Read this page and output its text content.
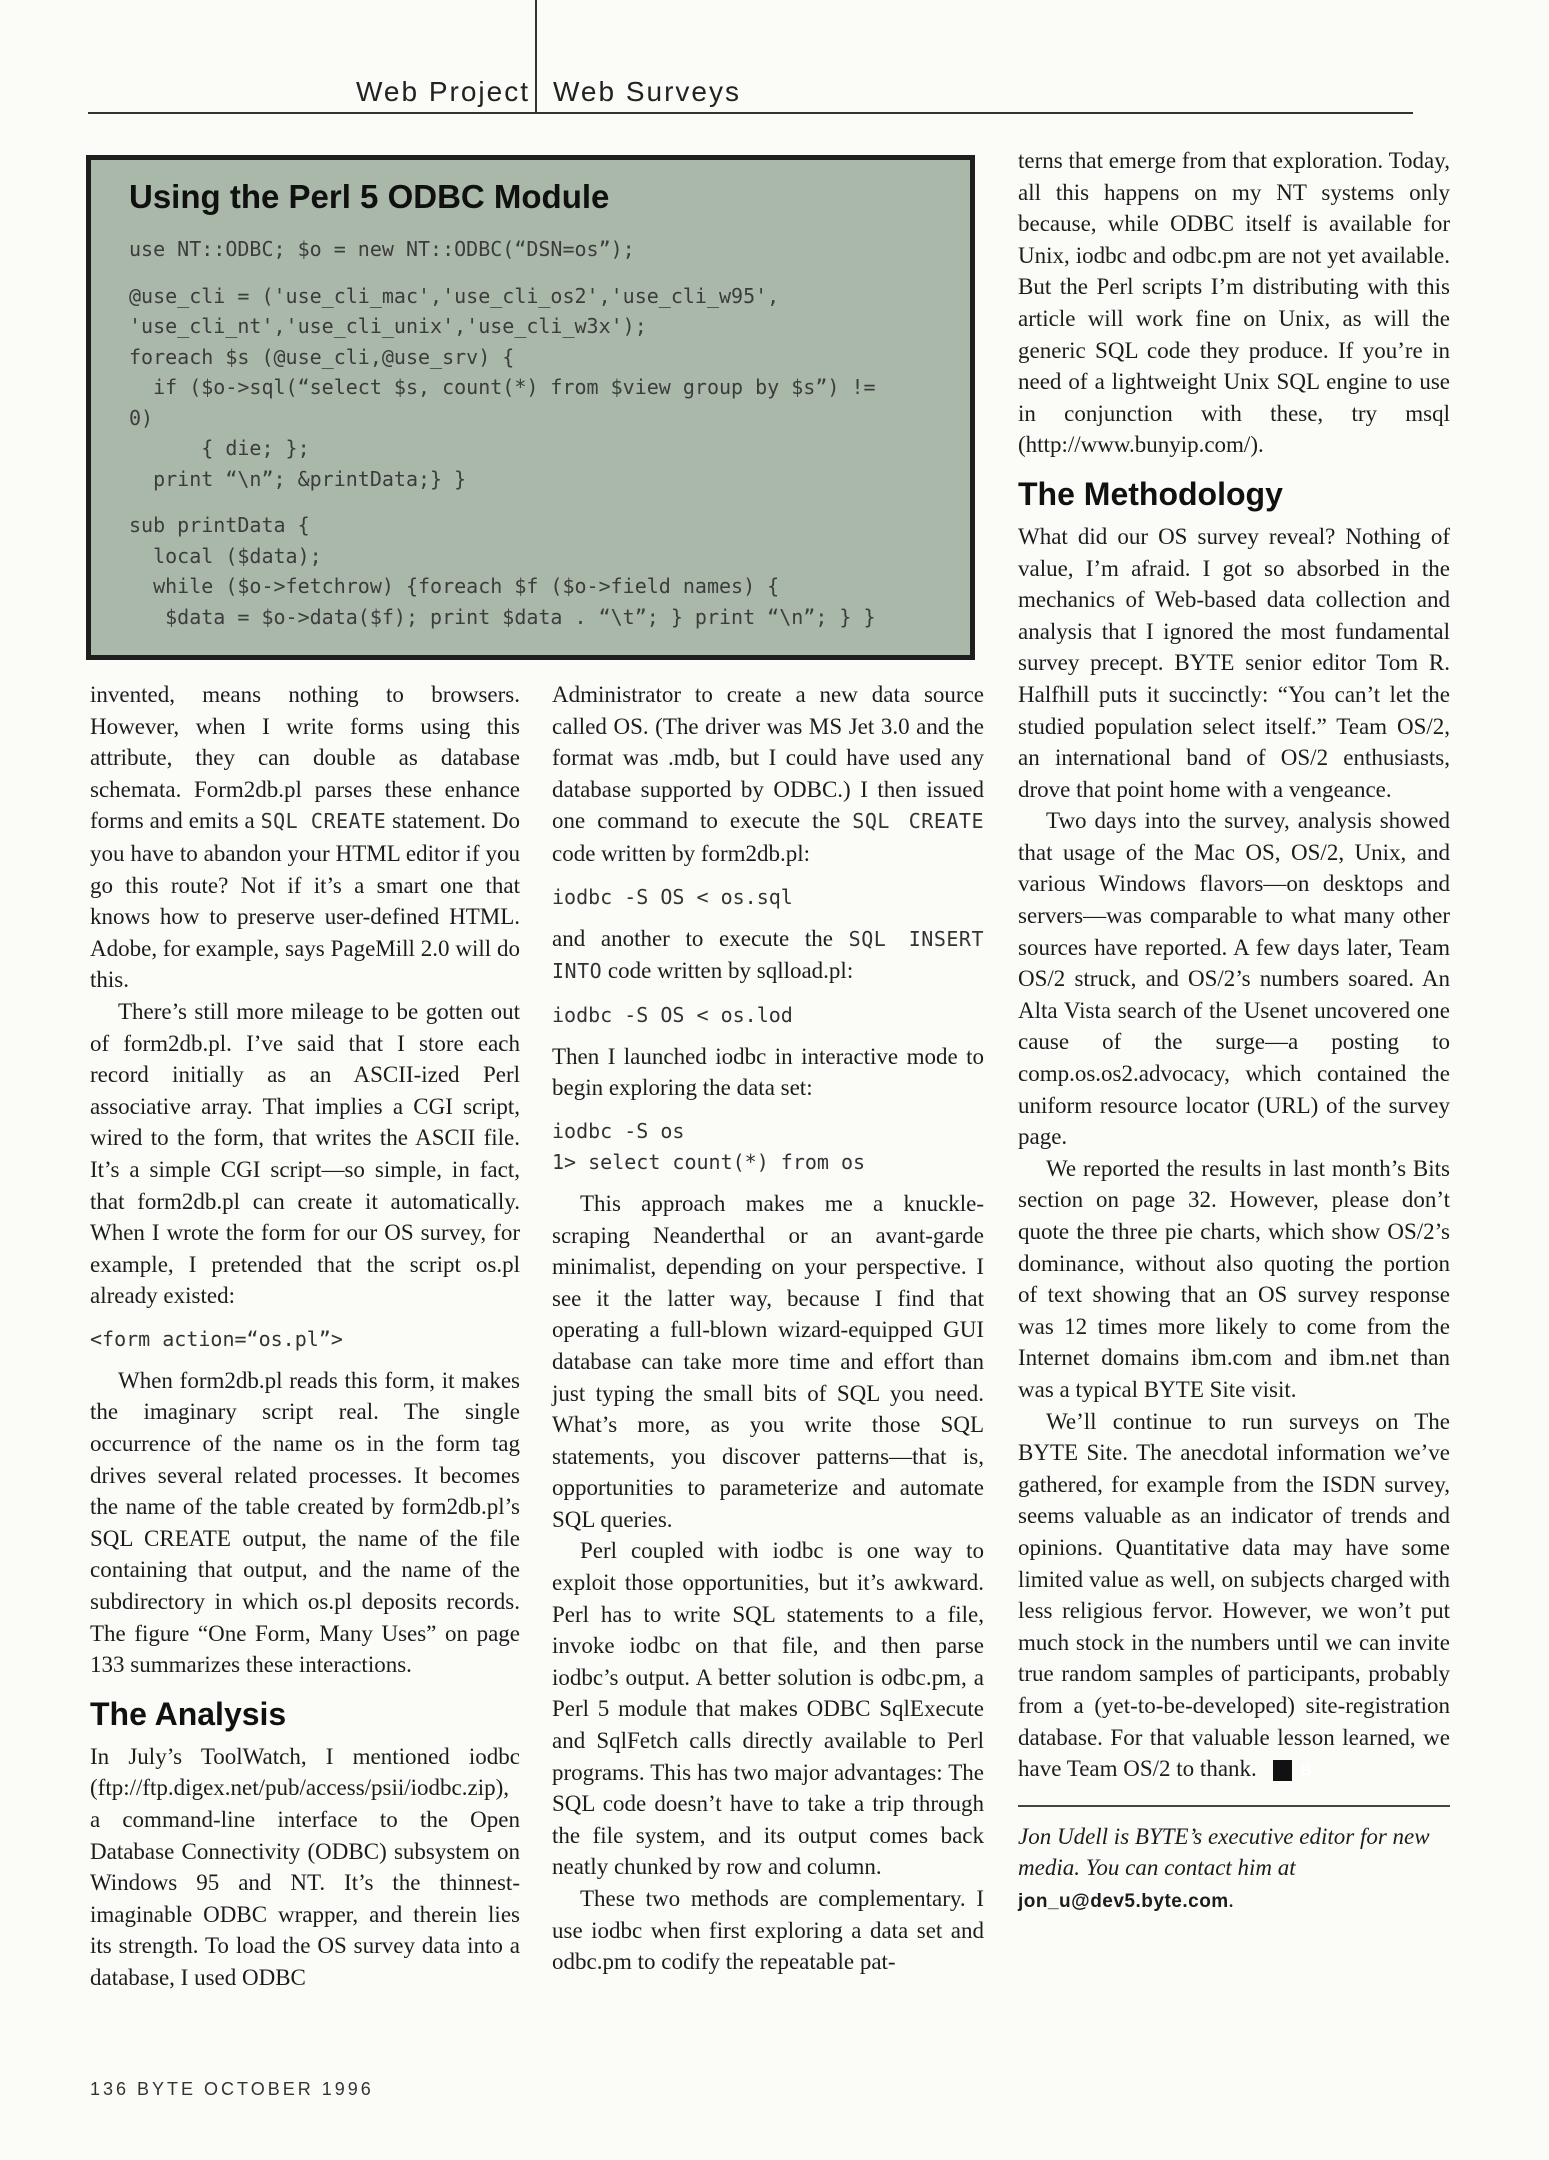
Web Project Web Surveys
Using the Perl 5 ODBC Module
use NT::ODBC; $o = new NT::ODBC(“DSN=os”);
@use_cli = ('use_cli_mac','use_cli_os2','use_cli_w95',
'use_cli_nt','use_cli_unix','use_cli_w3x');
foreach $s (@use_cli,@use_srv) {
if ($o->sql(“select $s, count(*) from $view group by $s”) !=
0)
{ die; };
print “\n”; &printData;} }
sub printData {
local ($data);
while ($o->fetchrow) {foreach $f ($o->field names) {
$data = $o->data($f); print $data . “\t”; } print “\n”; } }

invented, means nothing to browsers. However, when I write forms using this attribute, they can double as database schemata. Form2db.pl parses these enhance forms and emits a SQL CREATE statement. Do you have to abandon your HTML editor if you go this route? Not if it’s a smart one that knows how to preserve user-defined HTML. Adobe, for example, says PageMill 2.0 will do this.

There’s still more mileage to be gotten out of form2db.pl. I’ve said that I store each record initially as an ASCII-ized Perl associative array. That implies a CGI script, wired to the form, that writes the ASCII file. It’s a simple CGI script—so simple, in fact, that form2db.pl can create it automatically. When I wrote the form for our OS survey, for example, I pretended that the script os.pl already existed:

<form action=“os.pl”>

When form2db.pl reads this form, it makes the imaginary script real. The single occurrence of the name os in the form tag drives several related processes. It becomes the name of the table created by form2db.pl’s SQL CREATE output, the name of the file containing that output, and the name of the subdirectory in which os.pl deposits records. The figure “One Form, Many Uses” on page 133 summarizes these interactions.

The Analysis

In July’s ToolWatch, I mentioned iodbc (ftp://ftp.digex.net/pub/access/psii/iodbc.zip), a command-line interface to the Open Database Connectivity (ODBC) subsystem on Windows 95 and NT. It’s the thinnest-imaginable ODBC wrapper, and therein lies its strength. To load the OS survey data into a database, I used ODBC

Administrator to create a new data source called OS. (The driver was MS Jet 3.0 and the format was .mdb, but I could have used any database supported by ODBC.) I then issued one command to execute the SQL CREATE code written by form2db.pl:

iodbc -S OS < os.sql

and another to execute the SQL INSERT INTO code written by sqlload.pl:

iodbc -S OS < os.lod

Then I launched iodbc in interactive mode to begin exploring the data set:

iodbc -S os
1> select count(*) from os

This approach makes me a knuckle-scraping Neanderthal or an avant-garde minimalist, depending on your perspective. I see it the latter way, because I find that operating a full-blown wizard-equipped GUI database can take more time and effort than just typing the small bits of SQL you need. What’s more, as you write those SQL statements, you discover patterns—that is, opportunities to parameterize and automate SQL queries.

Perl coupled with iodbc is one way to exploit those opportunities, but it’s awkward. Perl has to write SQL statements to a file, invoke iodbc on that file, and then parse iodbc’s output. A better solution is odbc.pm, a Perl 5 module that makes ODBC SqlExecute and SqlFetch calls directly available to Perl programs. This has two major advantages: The SQL code doesn’t have to take a trip through the file system, and its output comes back neatly chunked by row and column.

These two methods are complementary. I use iodbc when first exploring a data set and odbc.pm to codify the repeatable pat-

terns that emerge from that exploration. Today, all this happens on my NT systems only because, while ODBC itself is available for Unix, iodbc and odbc.pm are not yet available. But the Perl scripts I’m distributing with this article will work fine on Unix, as will the generic SQL code they produce. If you’re in need of a lightweight Unix SQL engine to use in conjunction with these, try msql (http://www.bunyip.com/).

The Methodology

What did our OS survey reveal? Nothing of value, I’m afraid. I got so absorbed in the mechanics of Web-based data collection and analysis that I ignored the most fundamental survey precept. BYTE senior editor Tom R. Halfhill puts it succinctly: “You can’t let the studied population select itself.” Team OS/2, an international band of OS/2 enthusiasts, drove that point home with a vengeance.

Two days into the survey, analysis showed that usage of the Mac OS, OS/2, Unix, and various Windows flavors—on desktops and servers—was comparable to what many other sources have reported. A few days later, Team OS/2 struck, and OS/2’s numbers soared. An Alta Vista search of the Usenet uncovered one cause of the surge—a posting to comp.os.os2.advocacy, which contained the uniform resource locator (URL) of the survey page.

We reported the results in last month’s Bits section on page 32. However, please don’t quote the three pie charts, which show OS/2’s dominance, without also quoting the portion of text showing that an OS survey response was 12 times more likely to come from the Internet domains ibm.com and ibm.net than was a typical BYTE Site visit.

We’ll continue to run surveys on The BYTE Site. The anecdotal information we’ve gathered, for example from the ISDN survey, seems valuable as an indicator of trends and opinions. Quantitative data may have some limited value as well, on subjects charged with less religious fervor. However, we won’t put much stock in the numbers until we can invite true random samples of participants, probably from a (yet-to-be-developed) site-registration database. For that valuable lesson learned, we have Team OS/2 to thank.	B

Jon Udell is BYTE’s executive editor for new media. You can contact him at jon_u@dev5.byte.com.

136 BYTE OCTOBER 1996
